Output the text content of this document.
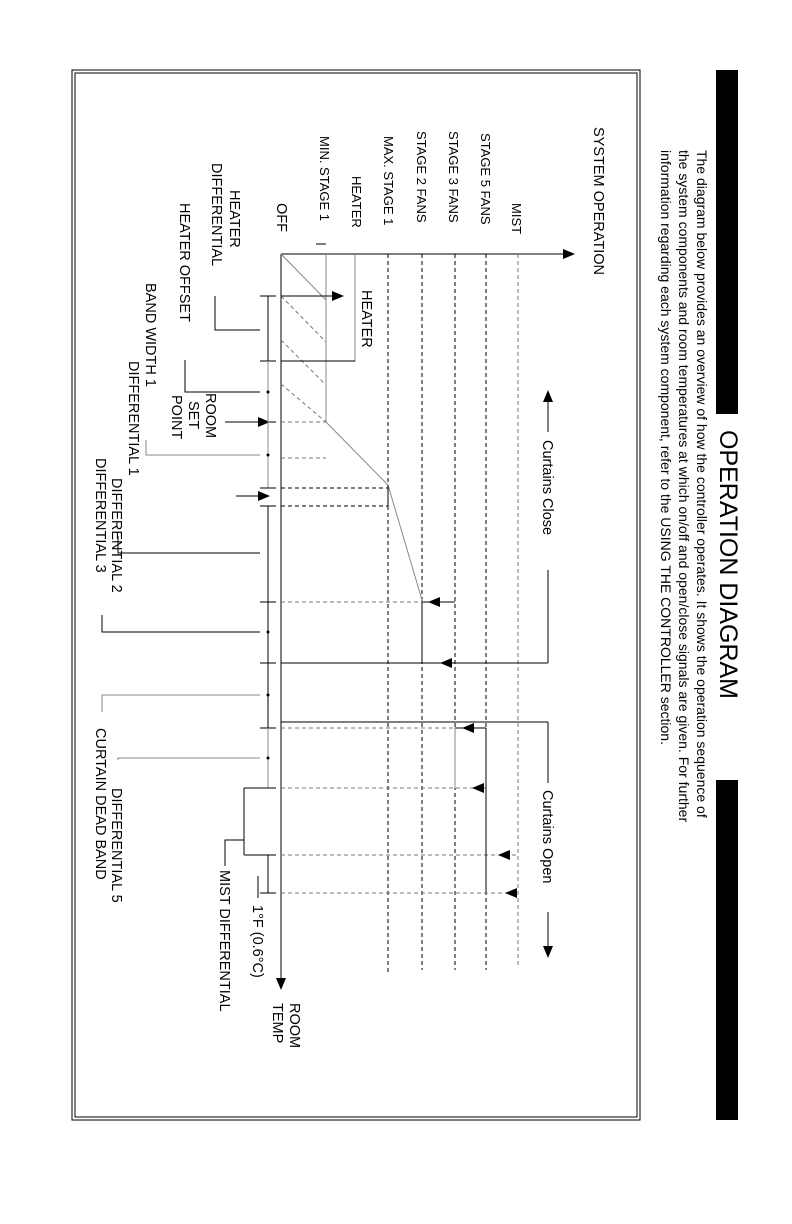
OPERATION DIAGRAM
The diagram below provides an overview of how the controller operates. It shows the operation sequence of
the system components and room temperatures at which on/off and open/close signals are given. For further
information regarding each system component, refer to the USING THE CONTROLLER section.
SYSTEM OPERATION
MIST
STAGE 5 FANS
STAGE 3 FANS
STAGE 2 FANS
MAX. STAGE 1
MIN. STAGE 1 HEATER
OFF
ROOM
TEMP
HEATER
Curtains Close
Curtains Open
HEATER
DIFFERENTIAL
HEATER OFFSET
BAND WIDTH 1
ROOM
SET
POINT
DIFFERENTIAL 1
DIFFERENTIAL 2
DIFFERENTIAL 3
DIFFERENTIAL 5
CURTAIN DEAD BAND
1°F (0.6°C)
MIST DIFFERENTIAL
